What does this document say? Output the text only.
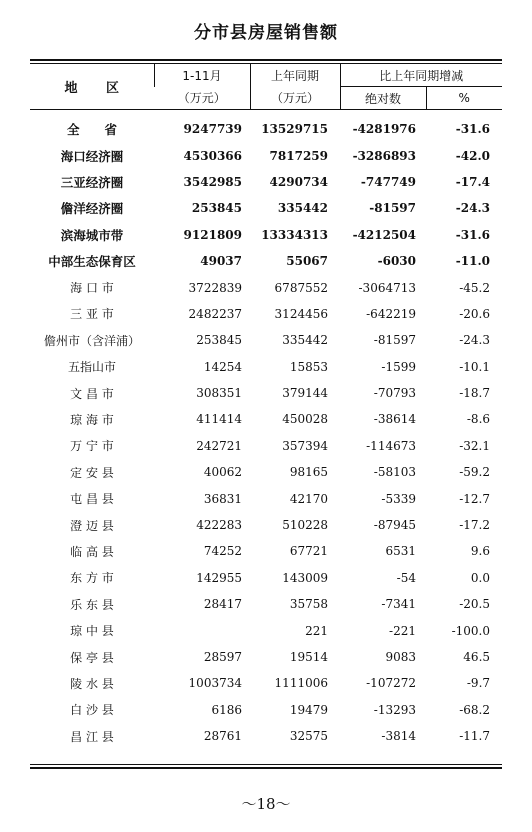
分市县房屋销售额
地 区	1-11月	上年同期	比上年同期增减	
	（万元）	（万元）	绝对数	%
全　　省	9247739	13529715	-4281976	-31.6
海口经济圈	4530366	7817259	-3286893	-42.0
三亚经济圈	3542985	4290734	-747749	-17.4
儋洋经济圈	253845	335442	-81597	-24.3
滨海城市带	9121809	13334313	-4212504	-31.6
中部生态保育区	49037	55067	-6030	-11.0
海 口 市	3722839	6787552	-3064713	-45.2
三 亚 市	2482237	3124456	-642219	-20.6
儋州市（含洋浦）	253845	335442	-81597	-24.3
五指山市	14254	15853	-1599	-10.1
文 昌 市	308351	379144	-70793	-18.7
琼 海 市	411414	450028	-38614	-8.6
万 宁 市	242721	357394	-114673	-32.1
定 安 县	40062	98165	-58103	-59.2
屯 昌 县	36831	42170	-5339	-12.7
澄 迈 县	422283	510228	-87945	-17.2
临 高 县	74252	67721	6531	9.6
东 方 市	142955	143009	-54	0.0
乐 东 县	28417	35758	-7341	-20.5
琼 中 县		221	-221	-100.0
保 亭 县	28597	19514	9083	46.5
陵 水 县	1003734	1111006	-107272	-9.7
白 沙 县	6186	19479	-13293	-68.2
昌 江 县	28761	32575	-3814	-11.7
～18～
